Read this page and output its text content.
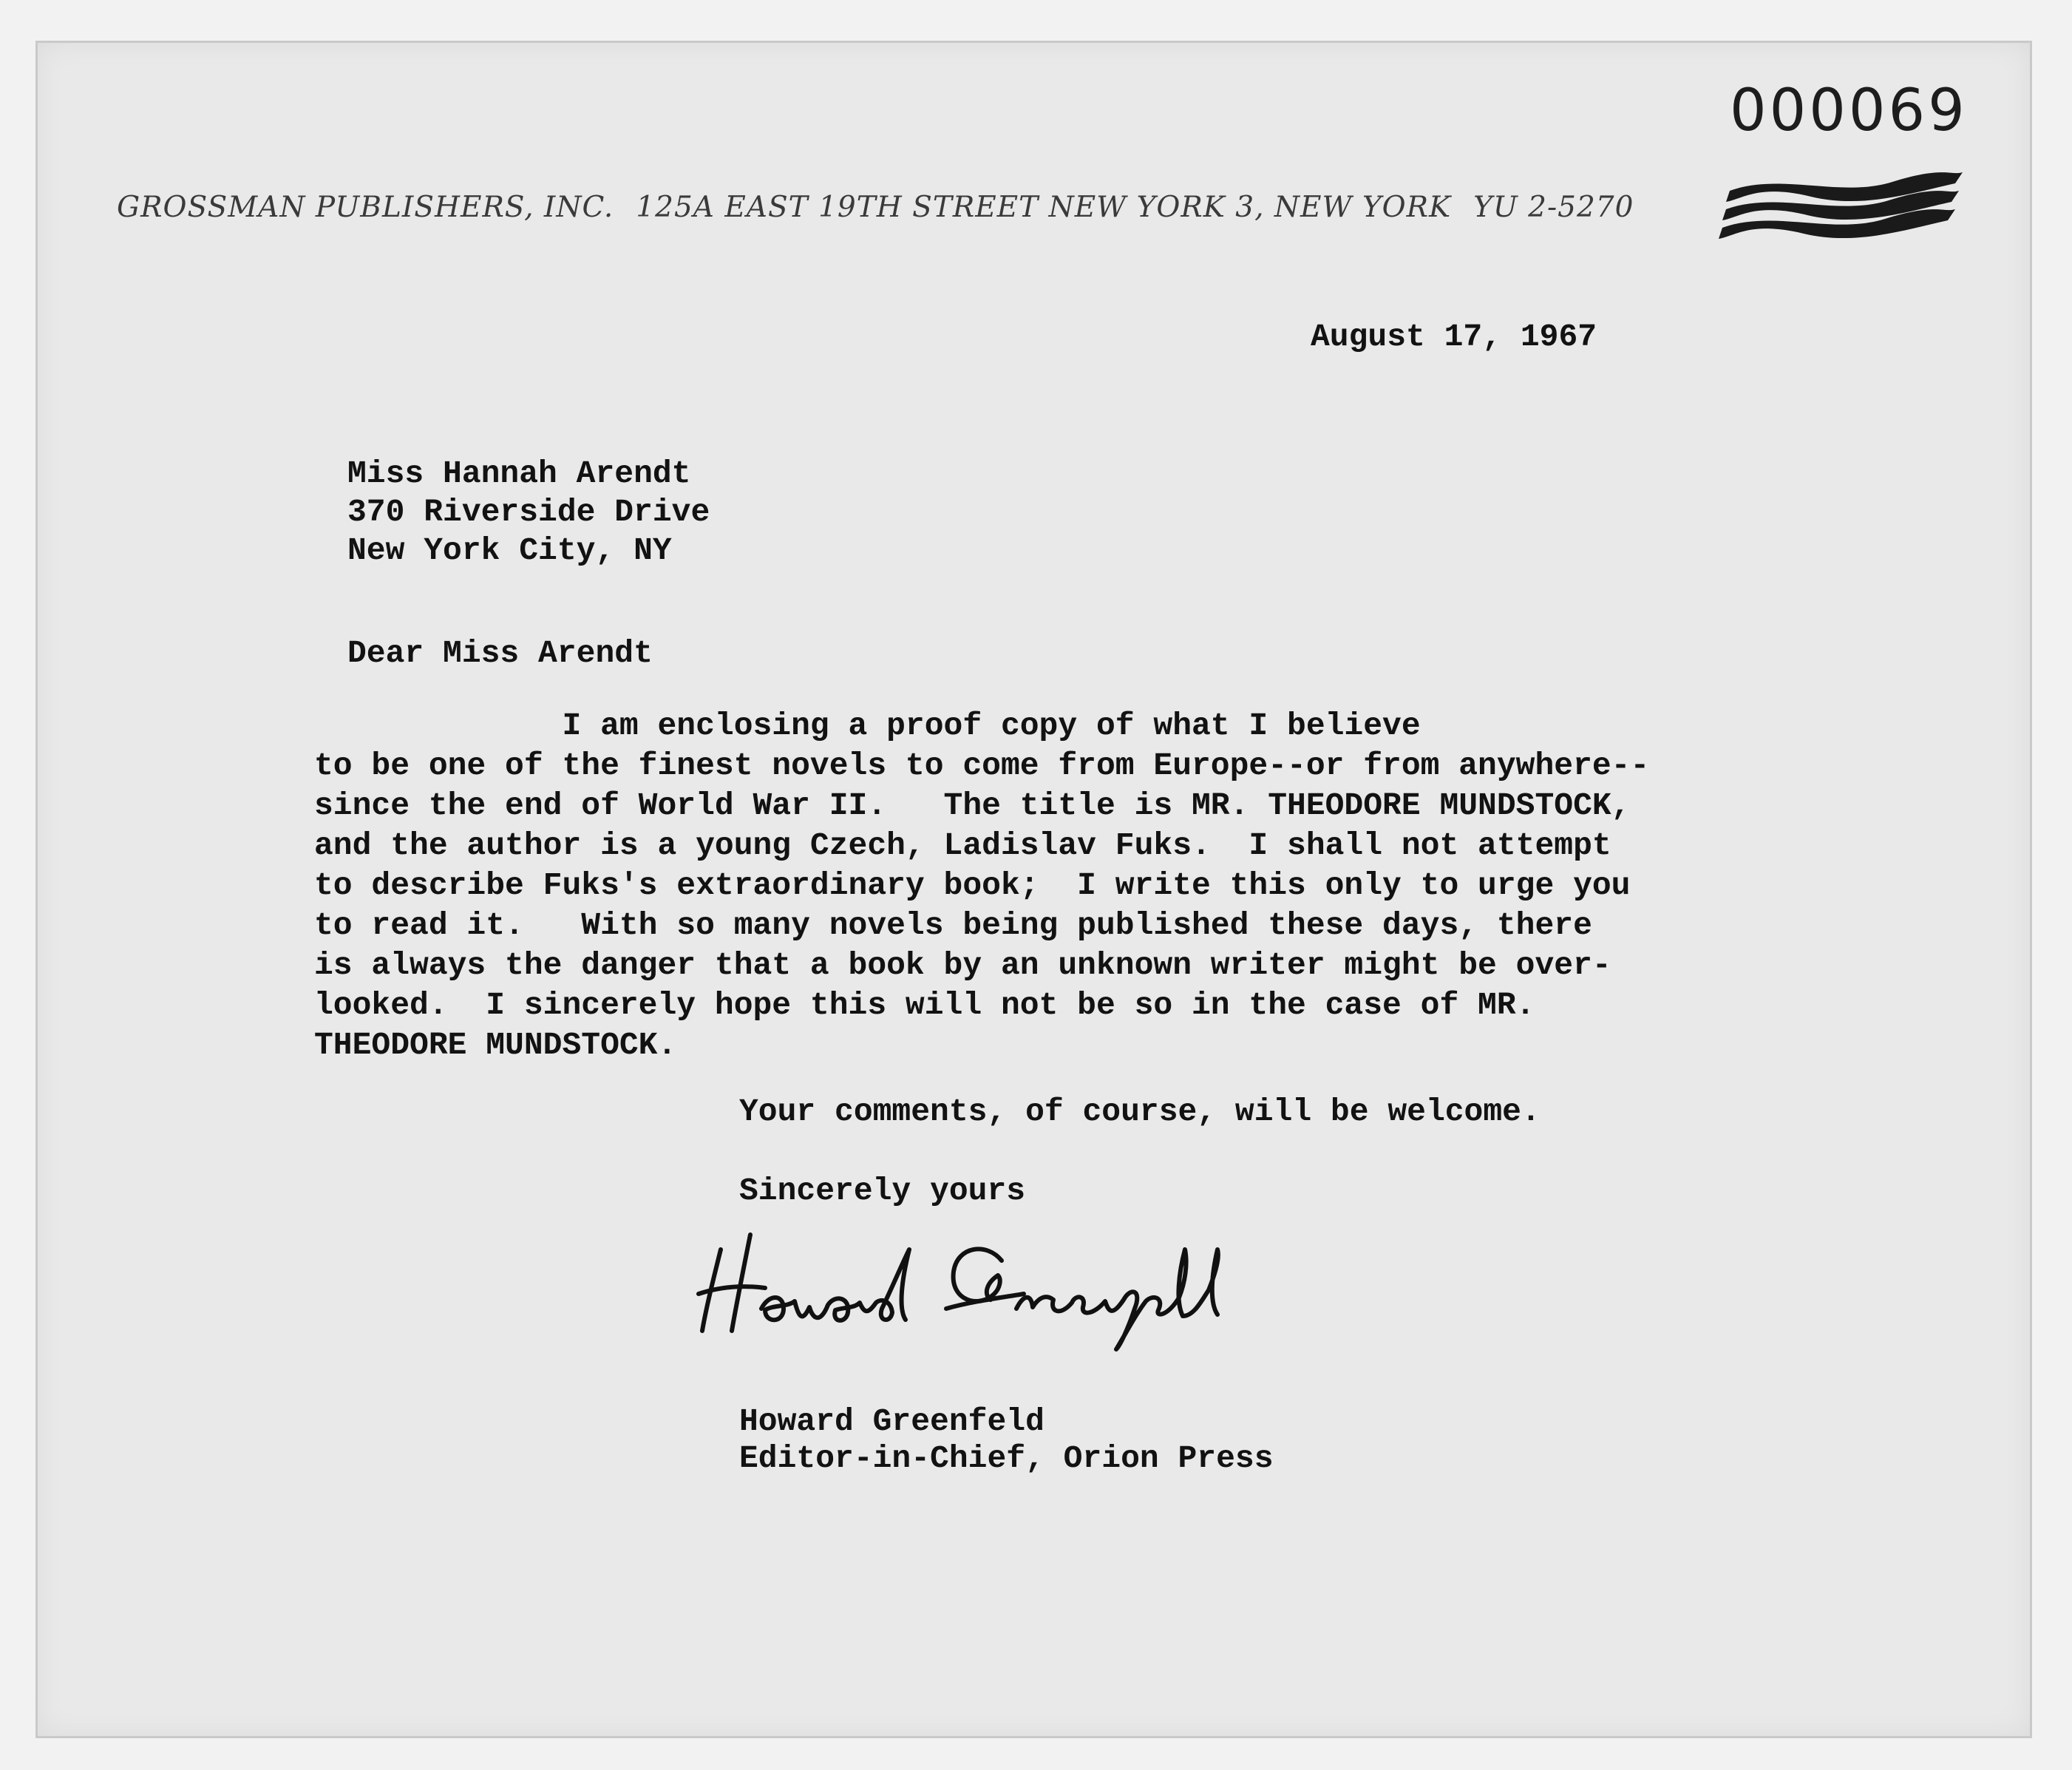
000069
GROSSMAN PUBLISHERS, INC. 125A EAST 19TH STREET NEW YORK 3, NEW YORK YU 2-5270
August 17, 1967
Miss Hannah Arendt
370 Riverside Drive
New York City, NY
Dear Miss Arendt
I am enclosing a proof copy of what I believe
to be one of the finest novels to come from Europe--or from anywhere--
since the end of World War II.   The title is MR. THEODORE MUNDSTOCK,
and the author is a young Czech, Ladislav Fuks.  I shall not attempt
to describe Fuks's extraordinary book;  I write this only to urge you
to read it.   With so many novels being published these days, there
is always the danger that a book by an unknown writer might be over-
looked.  I sincerely hope this will not be so in the case of MR.
THEODORE MUNDSTOCK.
Your comments, of course, will be welcome.
Sincerely yours
Howard Greenfeld
Editor-in-Chief, Orion Press
